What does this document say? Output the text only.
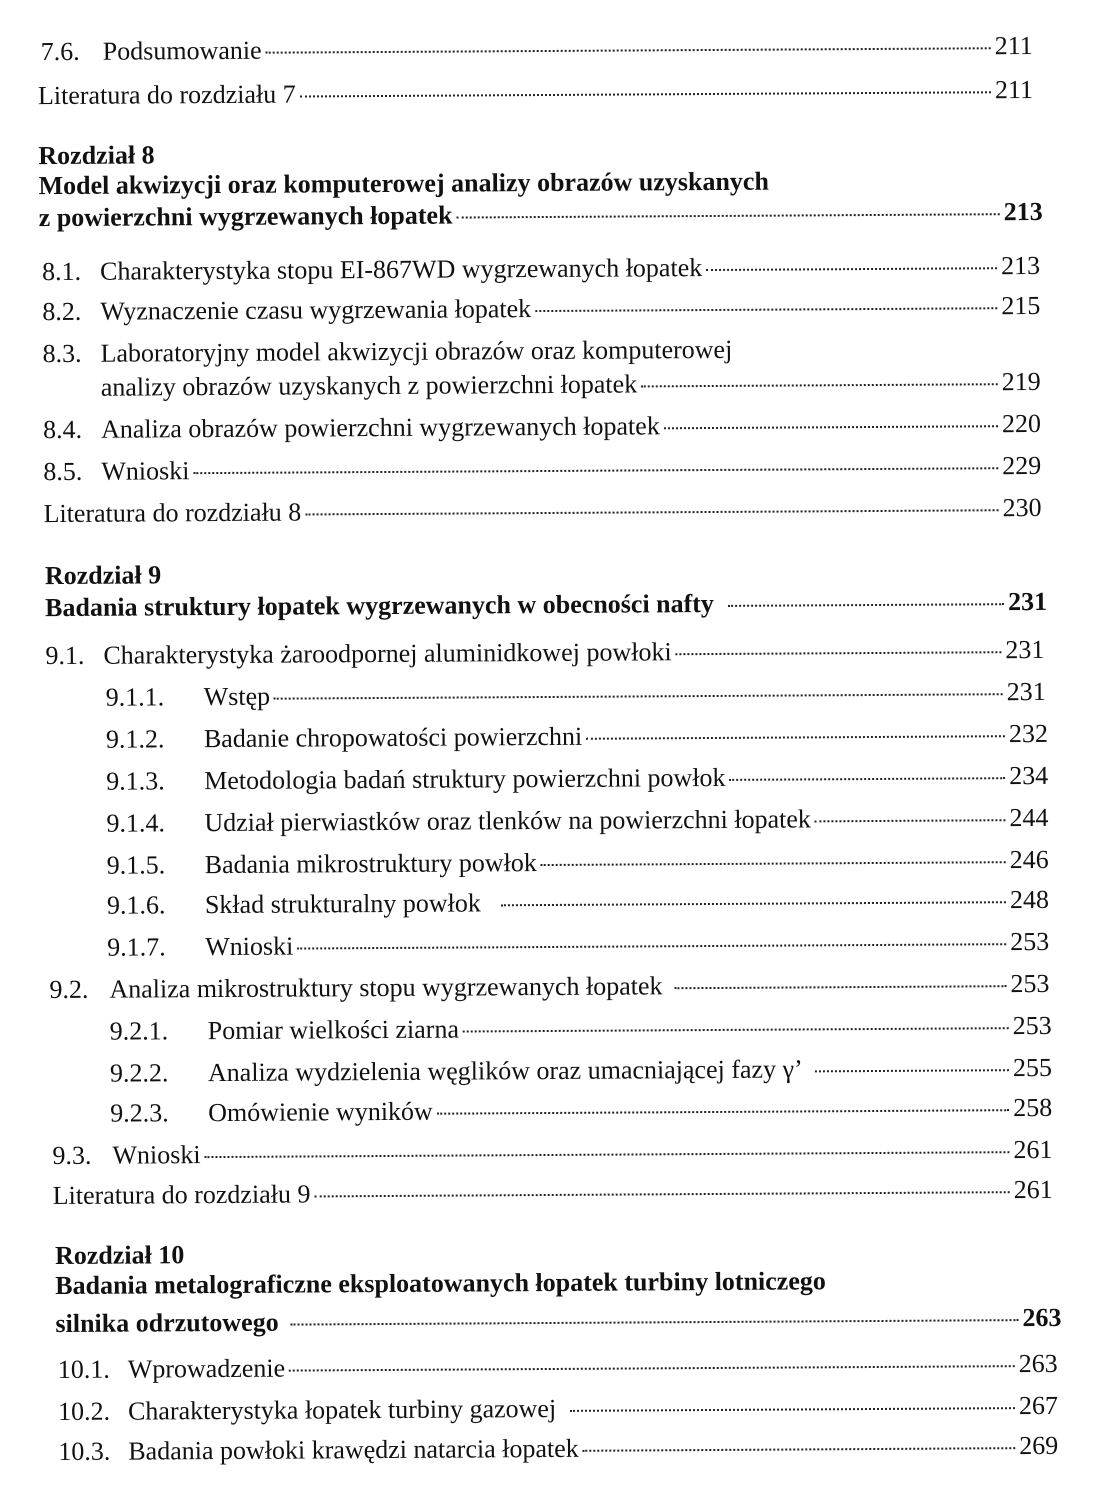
7.6. Podsumowanie	211
Literatura do rozdziału 7	211
Rozdział 8
Model akwizycji oraz komputerowej analizy obrazów uzyskanych
z powierzchni wygrzewanych łopatek	213
8.1. Charakterystyka stopu EI-867WD wygrzewanych łopatek	213
8.2. Wyznaczenie czasu wygrzewania łopatek	215
8.3. Laboratoryjny model akwizycji obrazów oraz komputerowej
analizy obrazów uzyskanych z powierzchni łopatek	219
8.4. Analiza obrazów powierzchni wygrzewanych łopatek	220
8.5. Wnioski	229
Literatura do rozdziału 8	230
Rozdział 9
Badania struktury łopatek wygrzewanych w obecności nafty	231
9.1. Charakterystyka żaroodpornej aluminidkowej powłoki	231
9.1.1.	Wstęp	231
9.1.2.	Badanie chropowatości powierzchni	232
9.1.3.	Metodologia badań struktury powierzchni powłok	234
9.1.4.	Udział pierwiastków oraz tlenków na powierzchni łopatek	244
9.1.5.	Badania mikrostruktury powłok	246
9.1.6.	Skład strukturalny powłok	248
9.1.7.	Wnioski	253
9.2. Analiza mikrostruktury stopu wygrzewanych łopatek	253
9.2.1.	Pomiar wielkości ziarna	253
9.2.2.	Analiza wydzielenia węglików oraz umacniającej fazy γ’	255
9.2.3.	Omówienie wyników	258
9.3. Wnioski	261
Literatura do rozdziału 9	261
Rozdział 10
Badania metalograficzne eksploatowanych łopatek turbiny lotniczego
silnika odrzutowego	263
10.1. Wprowadzenie	263
10.2. Charakterystyka łopatek turbiny gazowej	267
10.3. Badania powłoki krawędzi natarcia łopatek	269
